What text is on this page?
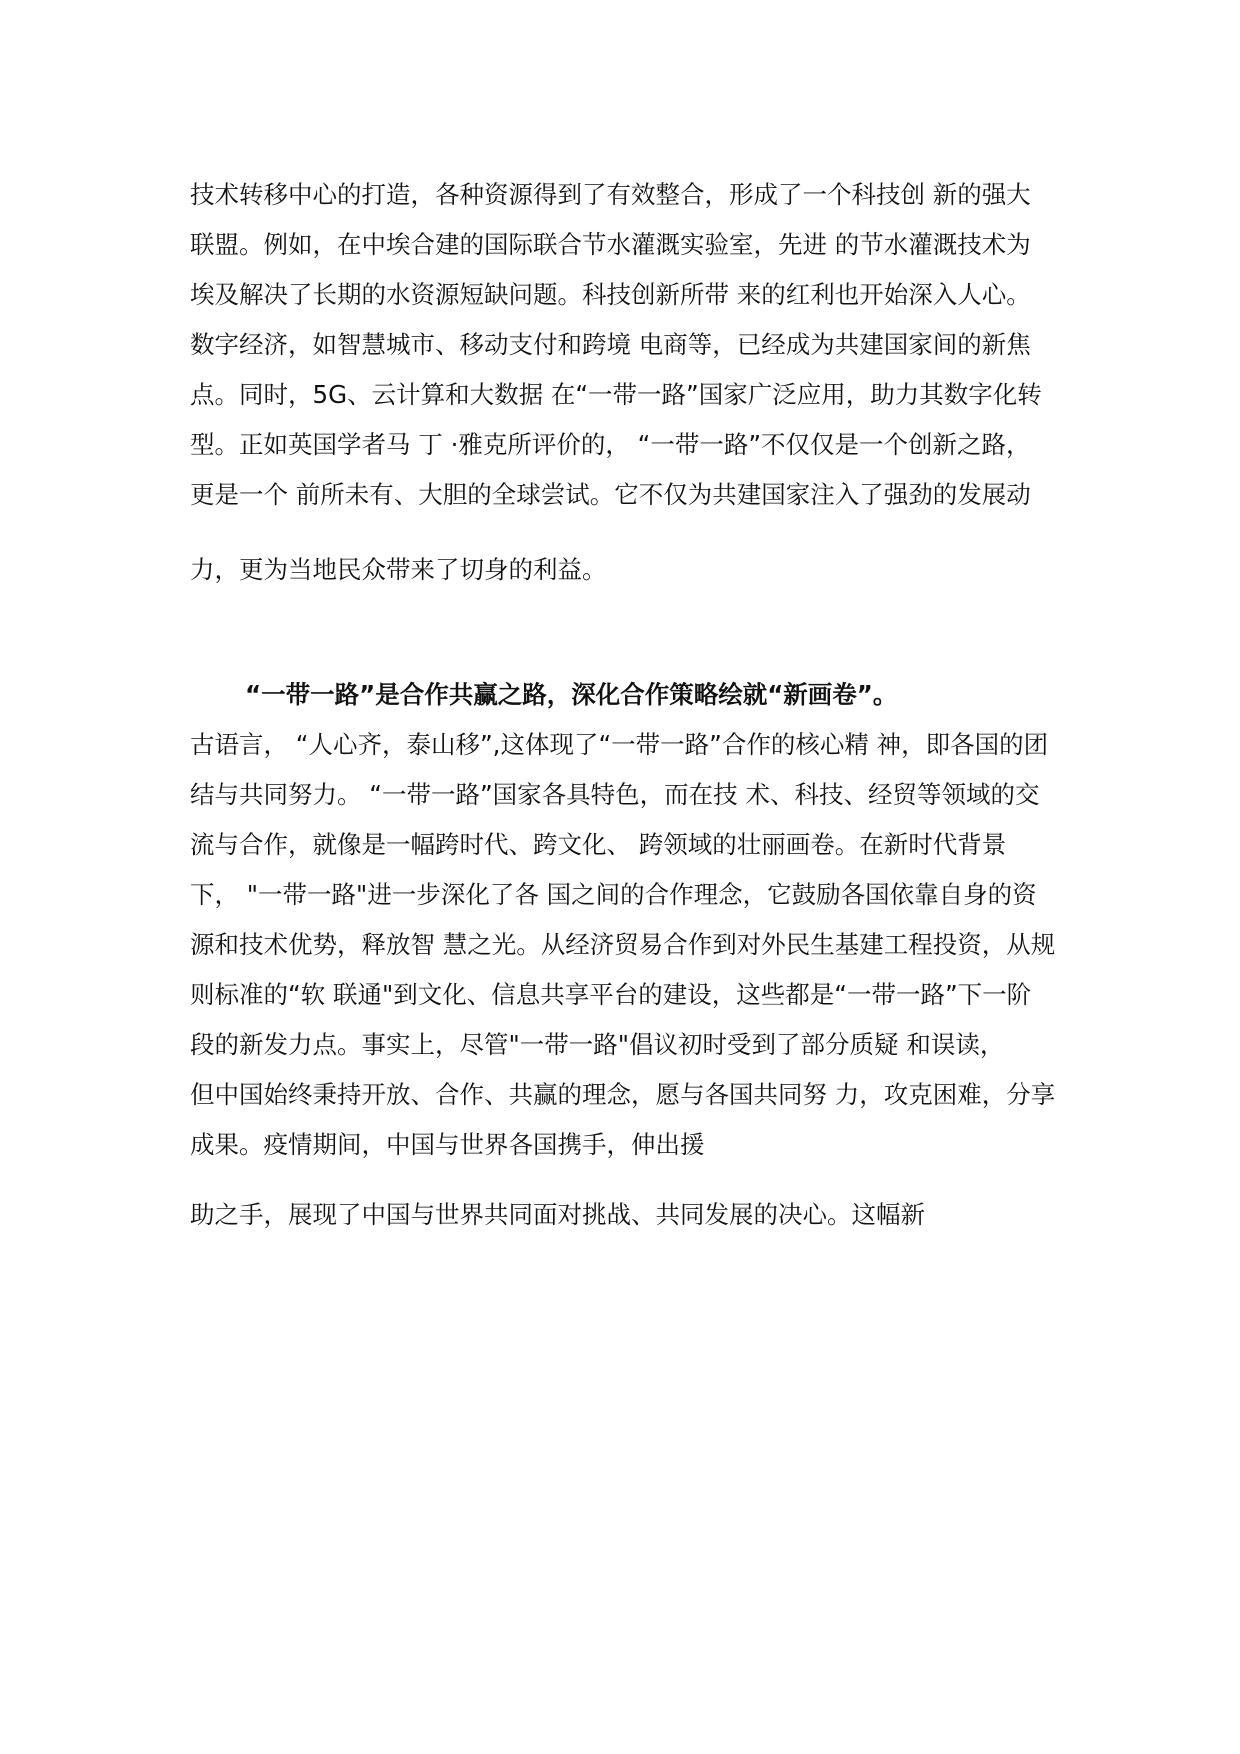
技术转移中心的打造，各种资源得到了有效整合，形成了一个科技创 新的强大

联盟。例如，在中埃合建的国际联合节水灌溉实验室，先进 的节水灌溉技术为

埃及解决了长期的水资源短缺问题。科技创新所带 来的红利也开始深入人心。

数字经济，如智慧城市、移动支付和跨境 电商等，已经成为共建国家间的新焦

点。同时，5G、云计算和大数据 在“一带一路”国家广泛应用，助力其数字化转

型。正如英国学者马 丁 ·雅克所评价的， “一带一路”不仅仅是一个创新之路，

更是一个 前所未有、大胆的全球尝试。它不仅为共建国家注入了强劲的发展动

力，更为当地民众带来了切身的利益。

“一带一路”是合作共赢之路，深化合作策略绘就“新画卷”。

古语言， “人心齐，泰山移”,这体现了“一带一路”合作的核心精 神，即各国的团

结与共同努力。 “一带一路”国家各具特色，而在技 术、科技、经贸等领域的交

流与合作，就像是一幅跨时代、跨文化、 跨领域的壮丽画卷。在新时代背景

下， "一带一路"进一步深化了各 国之间的合作理念，它鼓励各国依靠自身的资

源和技术优势，释放智 慧之光。从经济贸易合作到对外民生基建工程投资，从规

则标准的“软 联通"到文化、信息共享平台的建设，这些都是“一带一路”下一阶

段的新发力点。事实上，尽管"一带一路"倡议初时受到了部分质疑 和误读，

但中国始终秉持开放、合作、共赢的理念，愿与各国共同努 力，攻克困难，分享

成果。疫情期间，中国与世界各国携手，伸出援

助之手，展现了中国与世界共同面对挑战、共同发展的决心。这幅新
